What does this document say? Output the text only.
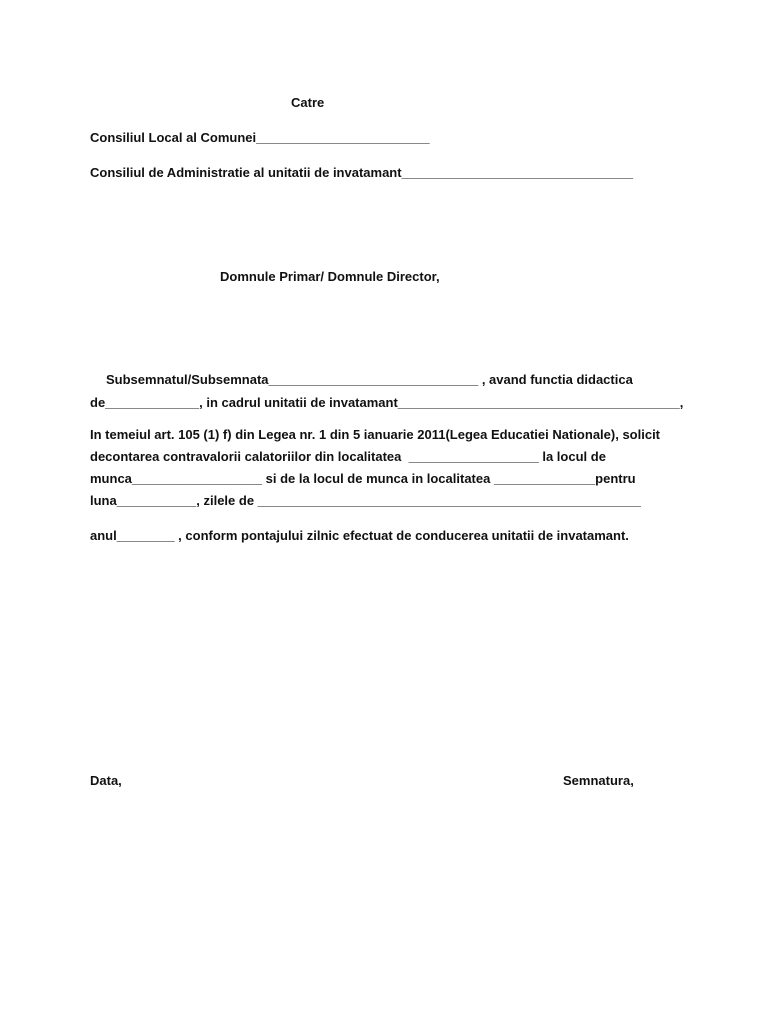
Catre
Consiliul Local al Comunei________________________
Consiliul de Administratie al unitatii de invatamant________________________________
Domnule Primar/ Domnule Director,
Subsemnatul/Subsemnata_____________________________ , avand functia didactica
de_____________, in cadrul unitatii de invatamant_______________________________________,
In temeiul art. 105 (1) f) din Legea nr. 1 din 5 ianuarie 2011(Legea Educatiei Nationale), solicit
decontarea contravalorii calatoriilor din localitatea  __________________ la locul de
munca__________________ si de la locul de munca in localitatea ______________pentru
luna___________, zilele de _____________________________________________________
anul________ , conform pontajului zilnic efectuat de conducerea unitatii de invatamant.
Data,	Semnatura,
